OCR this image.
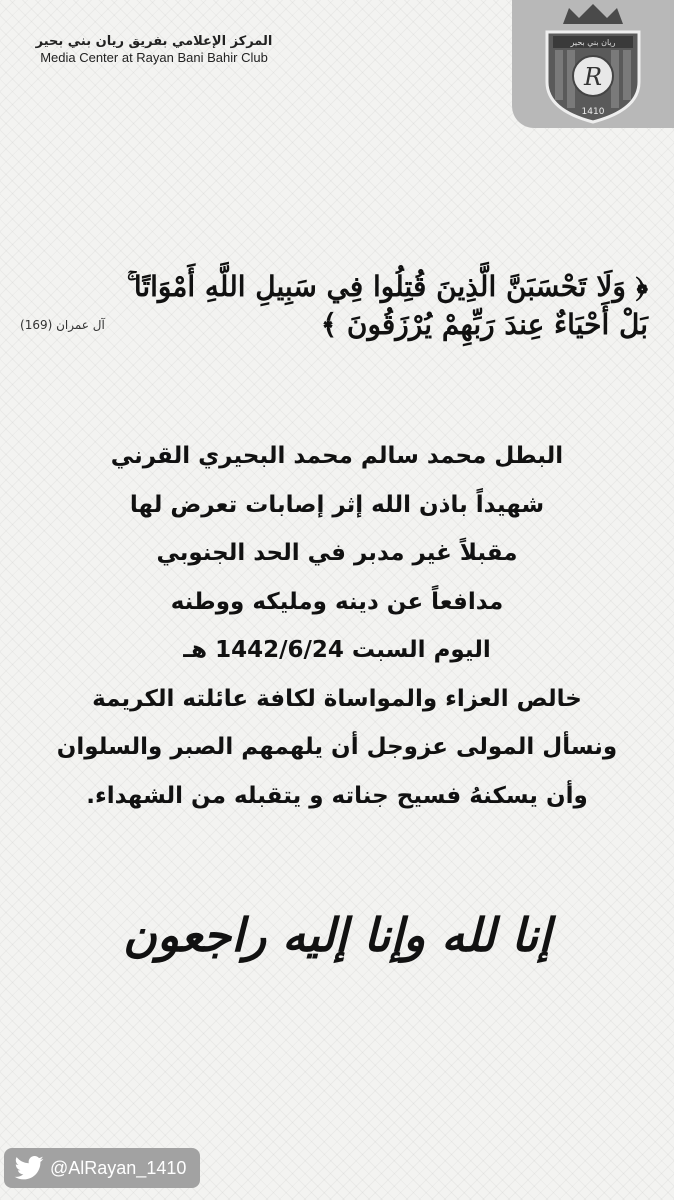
المركز الإعلامي بفريق ريان بني بحير
Media Center at Rayan Bani Bahir Club
ريان بني بحير
R
1410
﴿ وَلَا تَحْسَبَنَّ الَّذِينَ قُتِلُوا فِي سَبِيلِ اللَّهِ أَمْوَاتًا ۚ
بَلْ أَحْيَاءٌ عِندَ رَبِّهِمْ يُرْزَقُونَ ﴾
آل عمران (169)
البطل محمد سالم محمد البحيري القرني
شهيداً باذن الله إثر إصابات تعرض لها
مقبلاً غير مدبر في الحد الجنوبي
مدافعاً عن دينه ومليكه ووطنه
اليوم السبت 1442/6/24 هـ
خالص العزاء والمواساة لكافة عائلته الكريمة
ونسأل المولى عزوجل أن يلهمهم الصبر والسلوان
وأن يسكنهُ فسيح جناته و يتقبله من الشهداء.
إنا لله وإنا إليه راجعون
@AlRayan_1410
